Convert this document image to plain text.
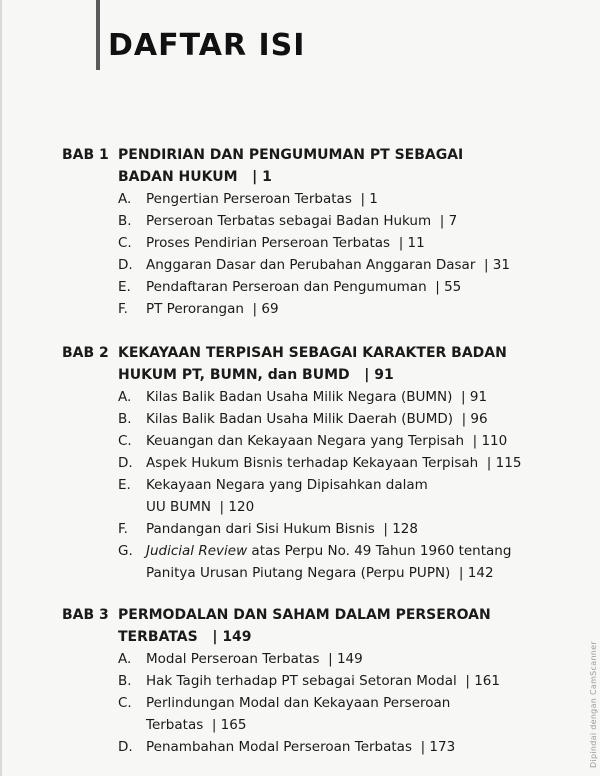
DAFTAR ISI
BAB 1 PENDIRIAN DAN PENGUMUMAN PT SEBAGAI BADAN HUKUM | 1
A.	Pengertian Perseroan Terbatas | 1
B.	Perseroan Terbatas sebagai Badan Hukum | 7
C.	Proses Pendirian Perseroan Terbatas | 11
D. Anggaran Dasar dan Perubahan Anggaran Dasar | 31
E.	Pendaftaran Perseroan dan Pengumuman | 55
F.	PT Perorangan | 69
BAB 2 KEKAYAAN TERPISAH SEBAGAI KARAKTER BADAN HUKUM PT, BUMN, dan BUMD | 91
A.	Kilas Balik Badan Usaha Milik Negara (BUMN) | 91
B.	Kilas Balik Badan Usaha Milik Daerah (BUMD) | 96
C.	Keuangan dan Kekayaan Negara yang Terpisah | 110
D. Aspek Hukum Bisnis terhadap Kekayaan Terpisah | 115
E.	Kekayaan Negara yang Dipisahkan dalam UU BUMN | 120
F.	Pandangan dari Sisi Hukum Bisnis | 128
G. Judicial Review atas Perpu No. 49 Tahun 1960 tentang Panitya Urusan Piutang Negara (Perpu PUPN) | 142
BAB 3 PERMODALAN DAN SAHAM DALAM PERSEROAN TERBATAS | 149
A.	Modal Perseroan Terbatas | 149
B.	Hak Tagih terhadap PT sebagai Setoran Modal | 161
C.	Perlindungan Modal dan Kekayaan Perseroan Terbatas | 165
D. Penambahan Modal Perseroan Terbatas | 173	Dipindai dengan CamScanner
